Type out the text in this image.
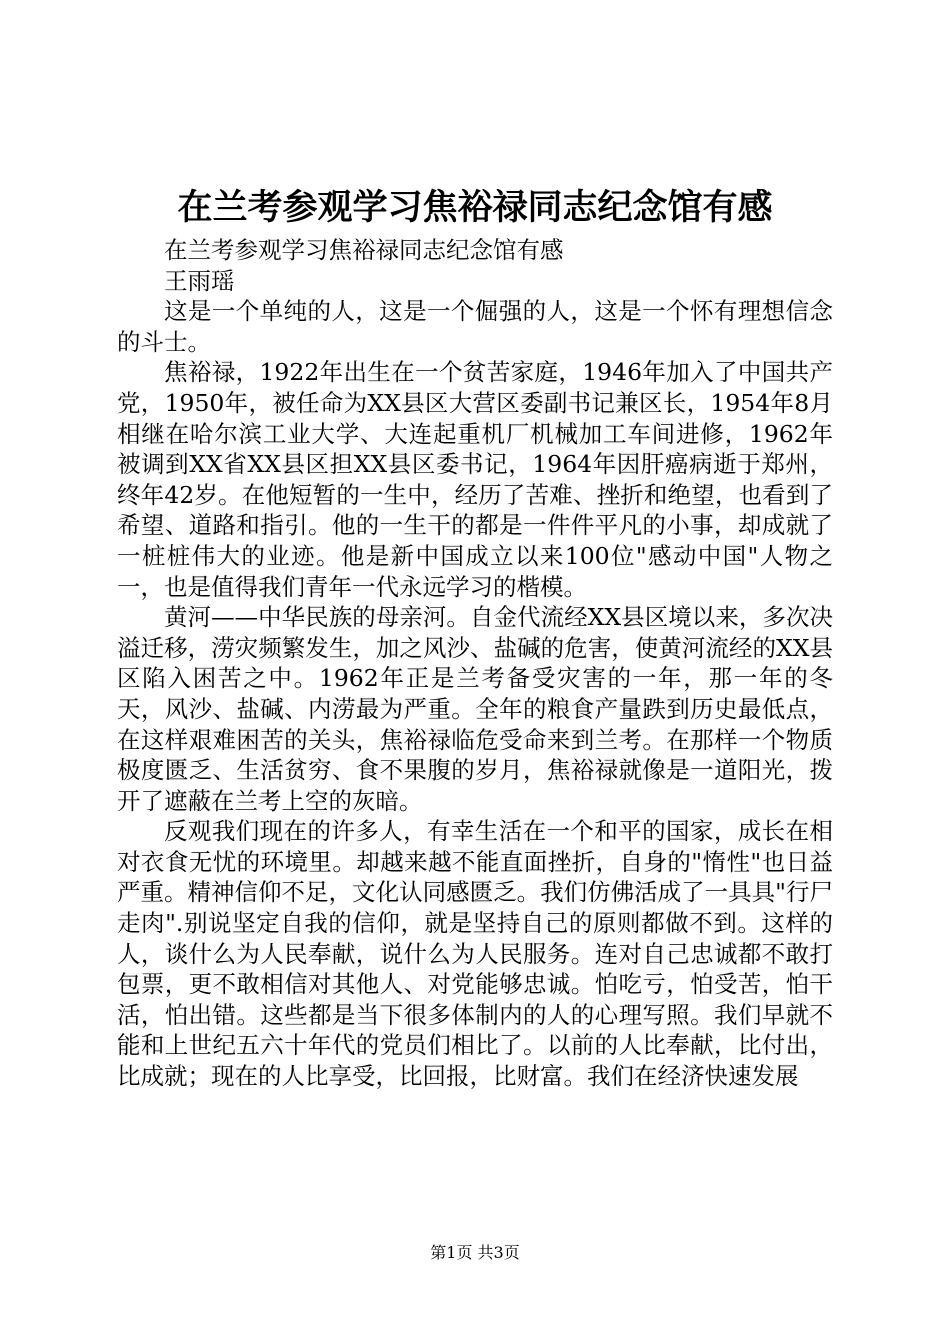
在兰考参观学习焦裕禄同志纪念馆有感

在兰考参观学习焦裕禄同志纪念馆有感

王雨瑶

这是一个单纯的人，这是一个倔强的人，这是一个怀有理想信念的斗士。

焦裕禄，1922年出生在一个贫苦家庭，1946年加入了中国共产党，1950年，被任命为XX县区大营区委副书记兼区长，1954年8月相继在哈尔滨工业大学、大连起重机厂机械加工车间进修，1962年被调到XX省XX县区担XX县区委书记，1964年因肝癌病逝于郑州，终年42岁。在他短暂的一生中，经历了苦难、挫折和绝望，也看到了希望、道路和指引。他的一生干的都是一件件平凡的小事，却成就了一桩桩伟大的业迹。他是新中国成立以来100位"感动中国"人物之一，也是值得我们青年一代永远学习的楷模。

黄河——中华民族的母亲河。自金代流经XX县区境以来，多次决溢迁移，涝灾频繁发生，加之风沙、盐碱的危害，使黄河流经的XX县区陷入困苦之中。1962年正是兰考备受灾害的一年，那一年的冬天，风沙、盐碱、内涝最为严重。全年的粮食产量跌到历史最低点，在这样艰难困苦的关头，焦裕禄临危受命来到兰考。在那样一个物质极度匮乏、生活贫穷、食不果腹的岁月，焦裕禄就像是一道阳光，拨开了遮蔽在兰考上空的灰暗。

反观我们现在的许多人，有幸生活在一个和平的国家，成长在相对衣食无忧的环境里。却越来越不能直面挫折，自身的"惰性"也日益严重。精神信仰不足，文化认同感匮乏。我们仿佛活成了一具具"行尸走肉".别说坚定自我的信仰，就是坚持自己的原则都做不到。这样的人，谈什么为人民奉献，说什么为人民服务。连对自己忠诚都不敢打包票，更不敢相信对其他人、对党能够忠诚。怕吃亏，怕受苦，怕干活，怕出错。这些都是当下很多体制内的人的心理写照。我们早就不能和上世纪五六十年代的党员们相比了。以前的人比奉献，比付出，比成就；现在的人比享受，比回报，比财富。我们在经济快速发展

第1页 共3页
